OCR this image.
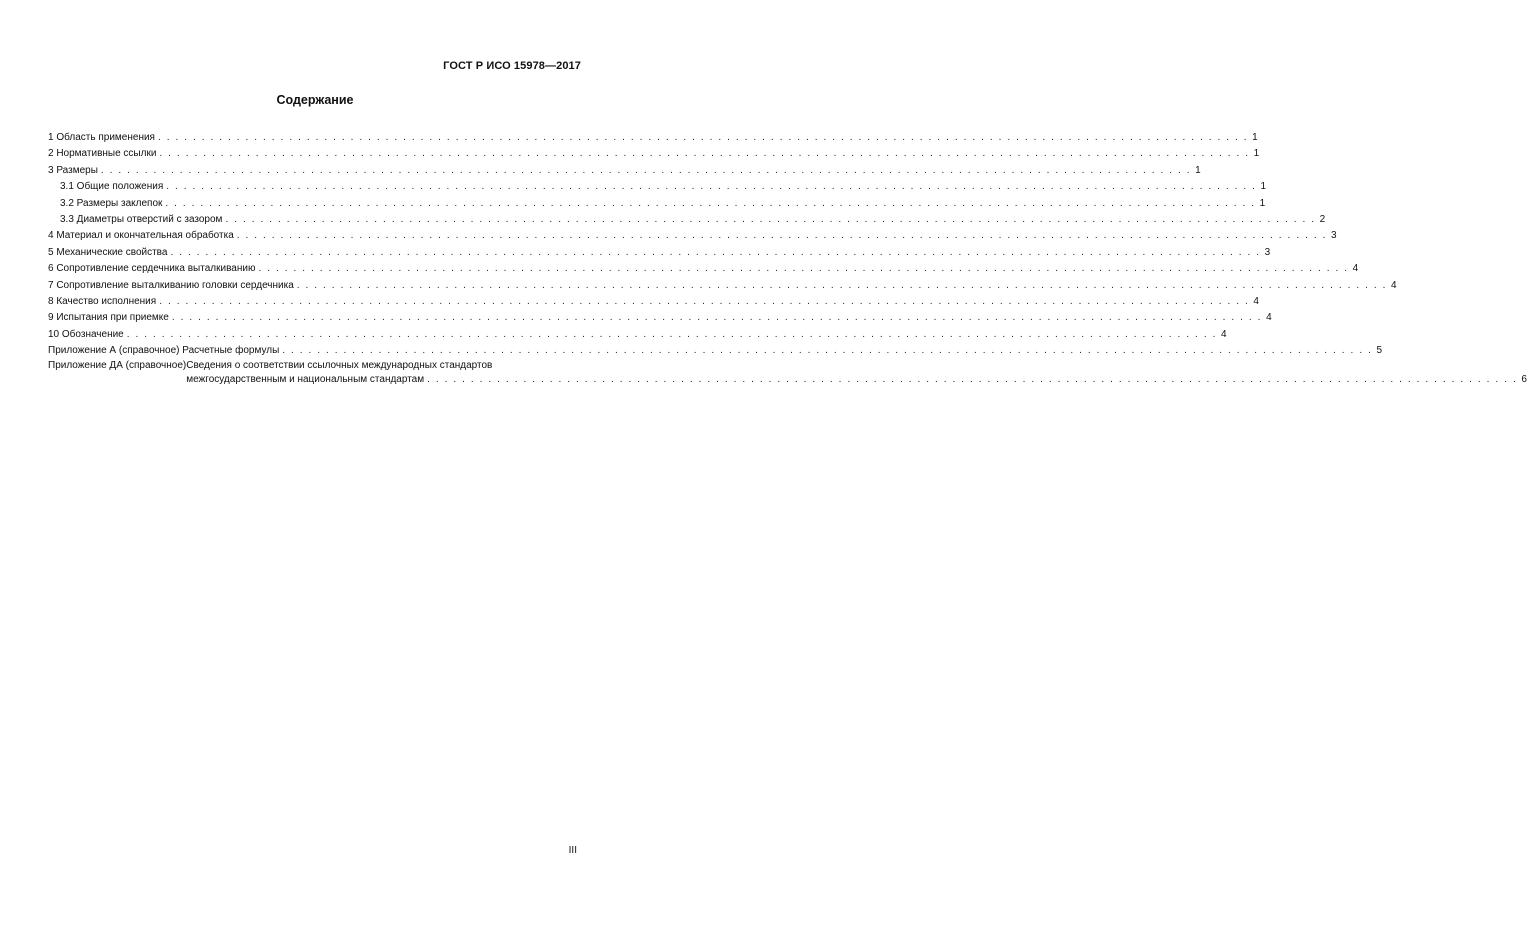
ГОСТ Р ИСО 15978—2017
Содержание
1 Область применения . . .	1
2 Нормативные ссылки . . .	1
3 Размеры . . .	1
3.1 Общие положения . . .	1
3.2 Размеры заклепок . . .	1
3.3 Диаметры отверстий с зазором . . .	2
4 Материал и окончательная обработка . . .	3
5 Механические свойства . . .	3
6 Сопротивление сердечника выталкиванию . . .	4
7 Сопротивление выталкиванию головки сердечника . . .	4
8 Качество исполнения . . .	4
9 Испытания при приемке . . .	4
10 Обозначение . . .	4
Приложение А (справочное) Расчетные формулы . . .	5
Приложение ДА (справочное) Сведения о соответствии ссылочных международных стандартов
межгосударственным и национальным стандартам . . .	6
III
